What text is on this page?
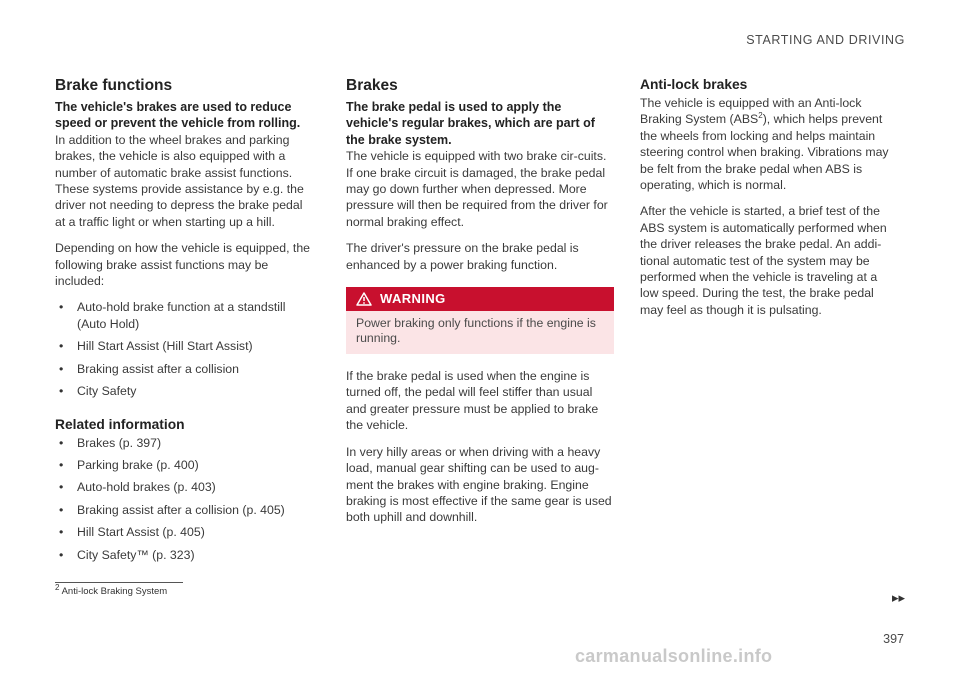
STARTING AND DRIVING
Brake functions

The vehicle's brakes are used to reduce speed or prevent the vehicle from rolling.

In addition to the wheel brakes and parking brakes, the vehicle is also equipped with a number of automatic brake assist functions. These systems provide assistance by e.g. the driver not needing to depress the brake pedal at a traffic light or when starting up a hill.

Depending on how the vehicle is equipped, the following brake assist functions may be included:

• Auto-hold brake function at a standstill (Auto Hold)
• Hill Start Assist (Hill Start Assist)
• Braking assist after a collision
• City Safety
Related information
• Brakes (p. 397)
• Parking brake (p. 400)
• Auto-hold brakes (p. 403)
• Braking assist after a collision (p. 405)
• Hill Start Assist (p. 405)
• City Safety™ (p. 323)
Brakes

The brake pedal is used to apply the vehicle's regular brakes, which are part of the brake system.

The vehicle is equipped with two brake cir-cuits. If one brake circuit is damaged, the brake pedal may go down further when depressed. More pressure will then be required from the driver for normal braking effect.

The driver's pressure on the brake pedal is enhanced by a power braking function.

WARNING
Power braking only functions if the engine is running.

If the brake pedal is used when the engine is turned off, the pedal will feel stiffer than usual and greater pressure must be applied to brake the vehicle.

In very hilly areas or when driving with a heavy load, manual gear shifting can be used to aug-ment the brakes with engine braking. Engine braking is most effective if the same gear is used both uphill and downhill.

Anti-lock brakes

The vehicle is equipped with an Anti-lock Braking System (ABS$^2$), which helps prevent the wheels from locking and helps maintain steering control when braking. Vibrations may be felt from the brake pedal when ABS is operating, which is normal.

After the vehicle is started, a brief test of the ABS system is automatically performed when the driver releases the brake pedal. An addi-tional automatic test of the system may be performed when the vehicle is traveling at a low speed. During the test, the brake pedal may feel as though it is pulsating.

$^2$ Anti-lock Braking System	▸▸
397
carmanualsonline.info
